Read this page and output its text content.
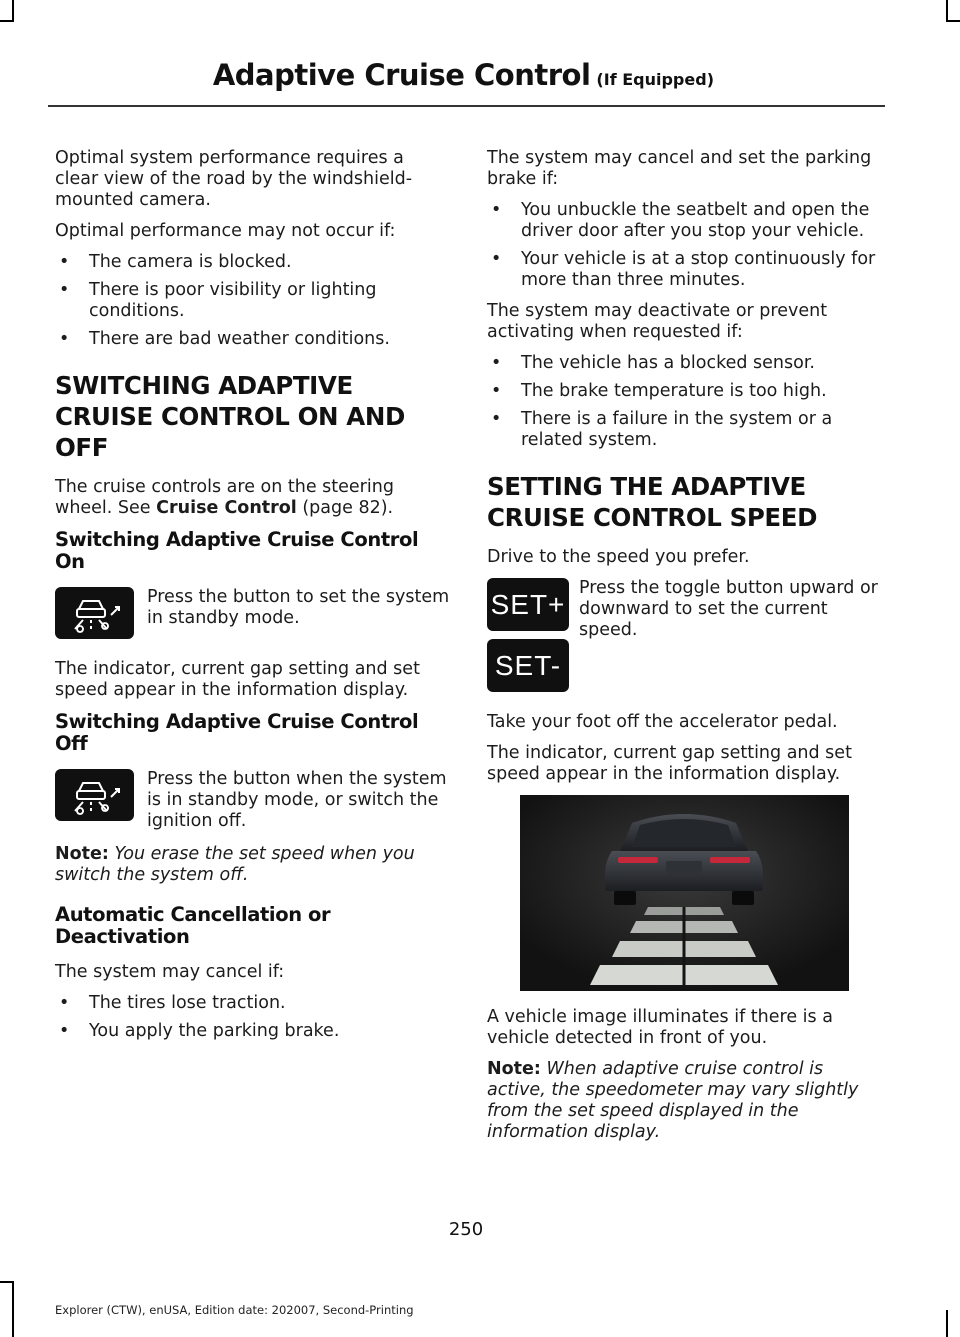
Adaptive Cruise Control (If Equipped)

Optimal system performance requires a clear view of the road by the windshield-mounted camera.

Optimal performance may not occur if:

• The camera is blocked.
• There is poor visibility or lighting conditions.
• There are bad weather conditions.
SWITCHING ADAPTIVE
CRUISE CONTROL ON AND OFF

The cruise controls are on the steering wheel. See Cruise Control (page 82).

Switching Adaptive Cruise Control On
Press the button to set the system in standby mode.

The indicator, current gap setting and set speed appear in the information display.

Switching Adaptive Cruise Control Off
Press the button when the system is in standby mode, or switch the ignition off.

Note: You erase the set speed when you switch the system off.

Automatic Cancellation or Deactivation

The system may cancel if:

• The tires lose traction.
• You apply the parking brake.

The system may cancel and set the parking brake if:

• You unbuckle the seatbelt and open the driver door after you stop your vehicle.
• Your vehicle is at a stop continuously for more than three minutes.

The system may deactivate or prevent activating when requested if:

• The vehicle has a blocked sensor.
• The brake temperature is too high.
• There is a failure in the system or a related system.
SETTING THE ADAPTIVE
CRUISE CONTROL SPEED

Drive to the speed you prefer.

SET+
SET-
Press the toggle button upward or downward to set the current speed.

Take your foot off the accelerator pedal.

The indicator, current gap setting and set speed appear in the information display.

A vehicle image illuminates if there is a vehicle detected in front of you.

Note: When adaptive cruise control is active, the speedometer may vary slightly from the set speed displayed in the information display.

250
Explorer (CTW), enUSA, Edition date: 202007, Second-Printing
